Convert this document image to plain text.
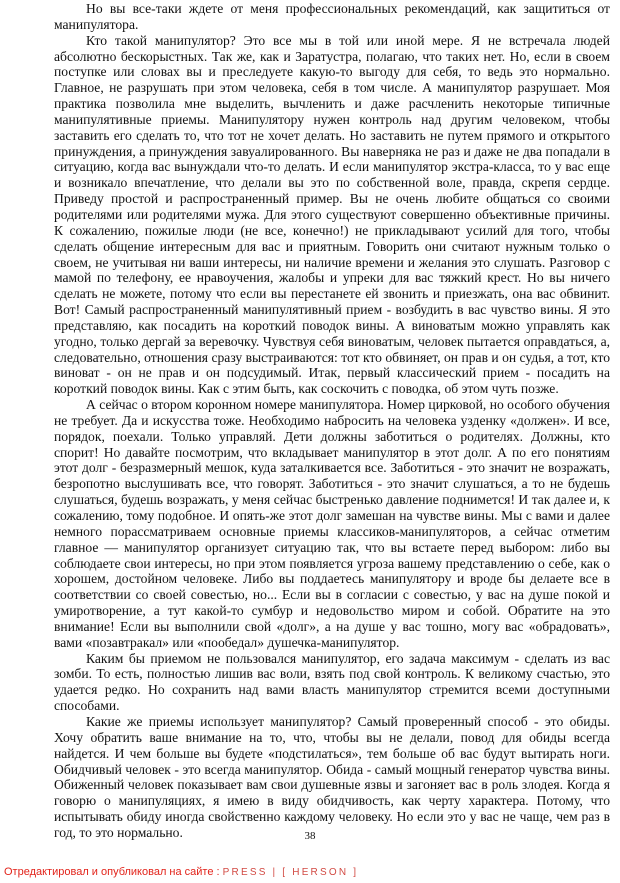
Но вы все-таки ждете от меня профессиональных рекомендаций, как защититься от манипулятора.

Кто такой манипулятор? Это все мы в той или иной мере. Я не встречала людей абсолютно бескорыстных. Так же, как и Заратустра, полагаю, что таких нет. Но, если в своем поступке или словах вы и преследуете какую-то выгоду для себя, то ведь это нормально. Главное, не разрушать при этом человека, себя в том числе. А манипулятор разрушает. Моя практика позволила мне выделить, вычленить и даже расчленить некоторые типичные манипулятивные приемы. Манипулятору нужен контроль над другим человеком, чтобы заставить его сделать то, что тот не хочет делать. Но заставить не путем прямого и открытого принуждения, а принуждения завуалированного. Вы наверняка не раз и даже не два попадали в ситуацию, когда вас вынуждали что-то делать. И если манипулятор экстра-класса, то у вас еще и возникало впечатление, что делали вы это по собственной воле, правда, скрепя сердце. Приведу простой и распространенный пример. Вы не очень любите общаться со своими родителями или родителями мужа. Для этого существуют совершенно объективные причины. К сожалению, пожилые люди (не все, конечно!) не прикладывают усилий для того, чтобы сделать общение интересным для вас и приятным. Говорить они считают нужным только о своем, не учитывая ни ваши интересы, ни наличие времени и желания это слушать. Разговор с мамой по телефону, ее нравоучения, жалобы и упреки для вас тяжкий крест. Но вы ничего сделать не можете, потому что если вы перестанете ей звонить и приезжать, она вас обвинит. Вот! Самый распространенный манипулятивный прием - возбудить в вас чувство вины. Я это представляю, как посадить на короткий поводок вины. А виноватым можно управлять как угодно, только дергай за веревочку. Чувствуя себя виноватым, человек пытается оправдаться, а, следовательно, отношения сразу выстраиваются: тот кто обвиняет, он прав и он судья, а тот, кто виноват - он не прав и он подсудимый. Итак, первый классический прием - посадить на короткий поводок вины. Как с этим быть, как соскочить с поводка, об этом чуть позже.

А сейчас о втором коронном номере манипулятора. Номер цирковой, но особого обучения не требует. Да и искусства тоже. Необходимо набросить на человека узденку «должен». И все, порядок, поехали. Только управляй. Дети должны заботиться о родителях. Должны, кто спорит! Но давайте посмотрим, что вкладывает манипулятор в этот долг. А по его понятиям этот долг - безразмерный мешок, куда заталкивается все. Заботиться - это значит не возражать, безропотно выслушивать все, что говорят. Заботиться - это значит слушаться, а то не будешь слушаться, будешь возражать, у меня сейчас быстренько давление поднимется! И так далее и, к сожалению, тому подобное. И опять-же этот долг замешан на чувстве вины. Мы с вами и далее немного порассматриваем основные приемы классиков-манипуляторов, а сейчас отметим главное — манипулятор организует ситуацию так, что вы встаете перед выбором: либо вы соблюдаете свои интересы, но при этом появляется угроза вашему представлению о себе, как о хорошем, достойном человеке. Либо вы поддаетесь манипулятору и вроде бы делаете все в соответствии со своей совестью, но... Если вы в согласии с совестью, у вас на душе покой и умиротворение, а тут какой-то сумбур и недовольство миром и собой. Обратите на это внимание! Если вы выполнили свой «долг», а на душе у вас тошно, могу вас «обрадовать», вами «позавтракал» или «пообедал» душечка-манипулятор.

Каким бы приемом не пользовался манипулятор, его задача максимум - сделать из вас зомби. То есть, полностью лишив вас воли, взять под свой контроль. К великому счастью, это удается редко. Но сохранить над вами власть манипулятор стремится всеми доступными способами.

Какие же приемы использует манипулятор? Самый проверенный способ - это обиды. Хочу обратить ваше внимание на то, что, чтобы вы не делали, повод для обиды всегда найдется. И чем больше вы будете «подстилаться», тем больше об вас будут вытирать ноги. Обидчивый человек - это всегда манипулятор. Обида - самый мощный генератор чувства вины. Обиженный человек показывает вам свои душевные язвы и загоняет вас в роль злодея. Когда я говорю о манипуляциях, я имею в виду обидчивость, как черту характера. Потому, что испытывать обиду иногда свойственно каждому человеку. Но если это у вас не чаще, чем раз в год, то это нормально.	38
Отредактировал и опубликовал на сайте : PRESS | [ HERSON ]
